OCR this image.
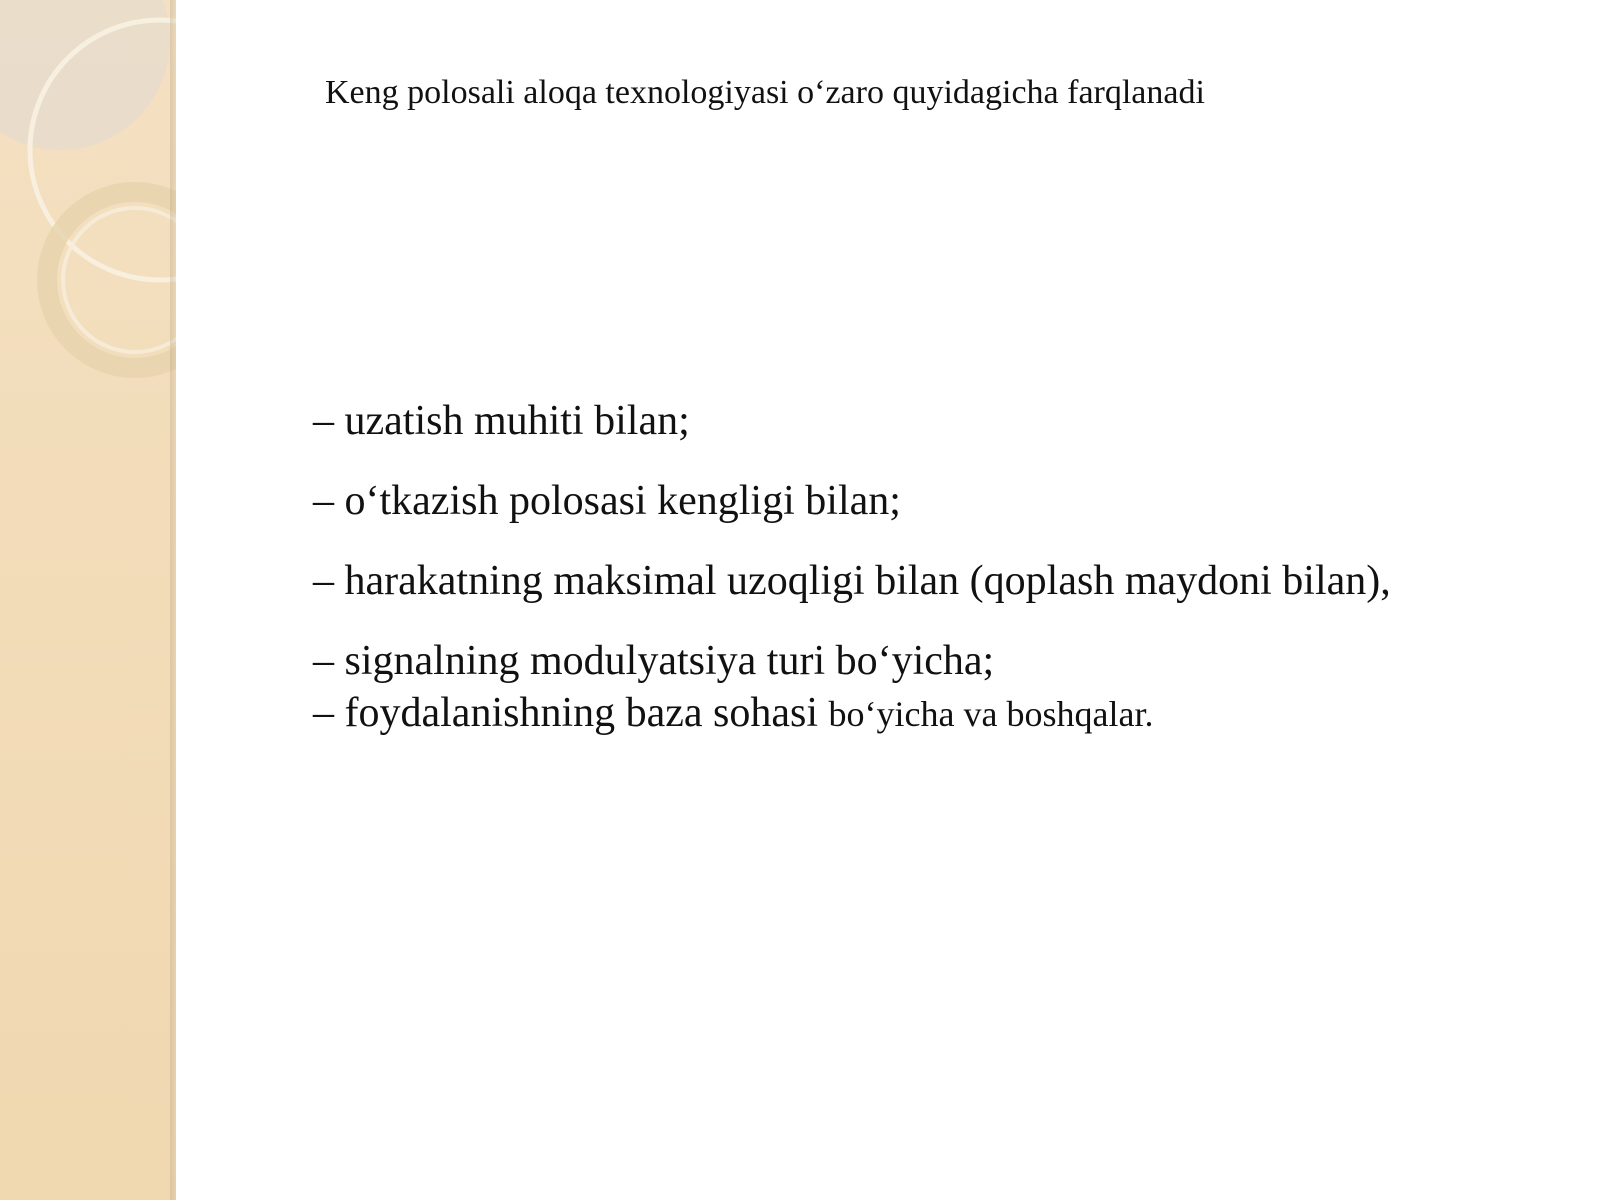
Keng polosali aloqa texnologiyasi o‘zaro quyidagicha farqlanadi
– uzatish muhiti bilan;
– o‘tkazish polosasi kengligi bilan;
– harakatning maksimal uzoqligi bilan (qoplash maydoni bilan),
– signalning modulyatsiya turi bo‘yicha;
– foydalanishning baza sohasi bo‘yicha va boshqalar.
